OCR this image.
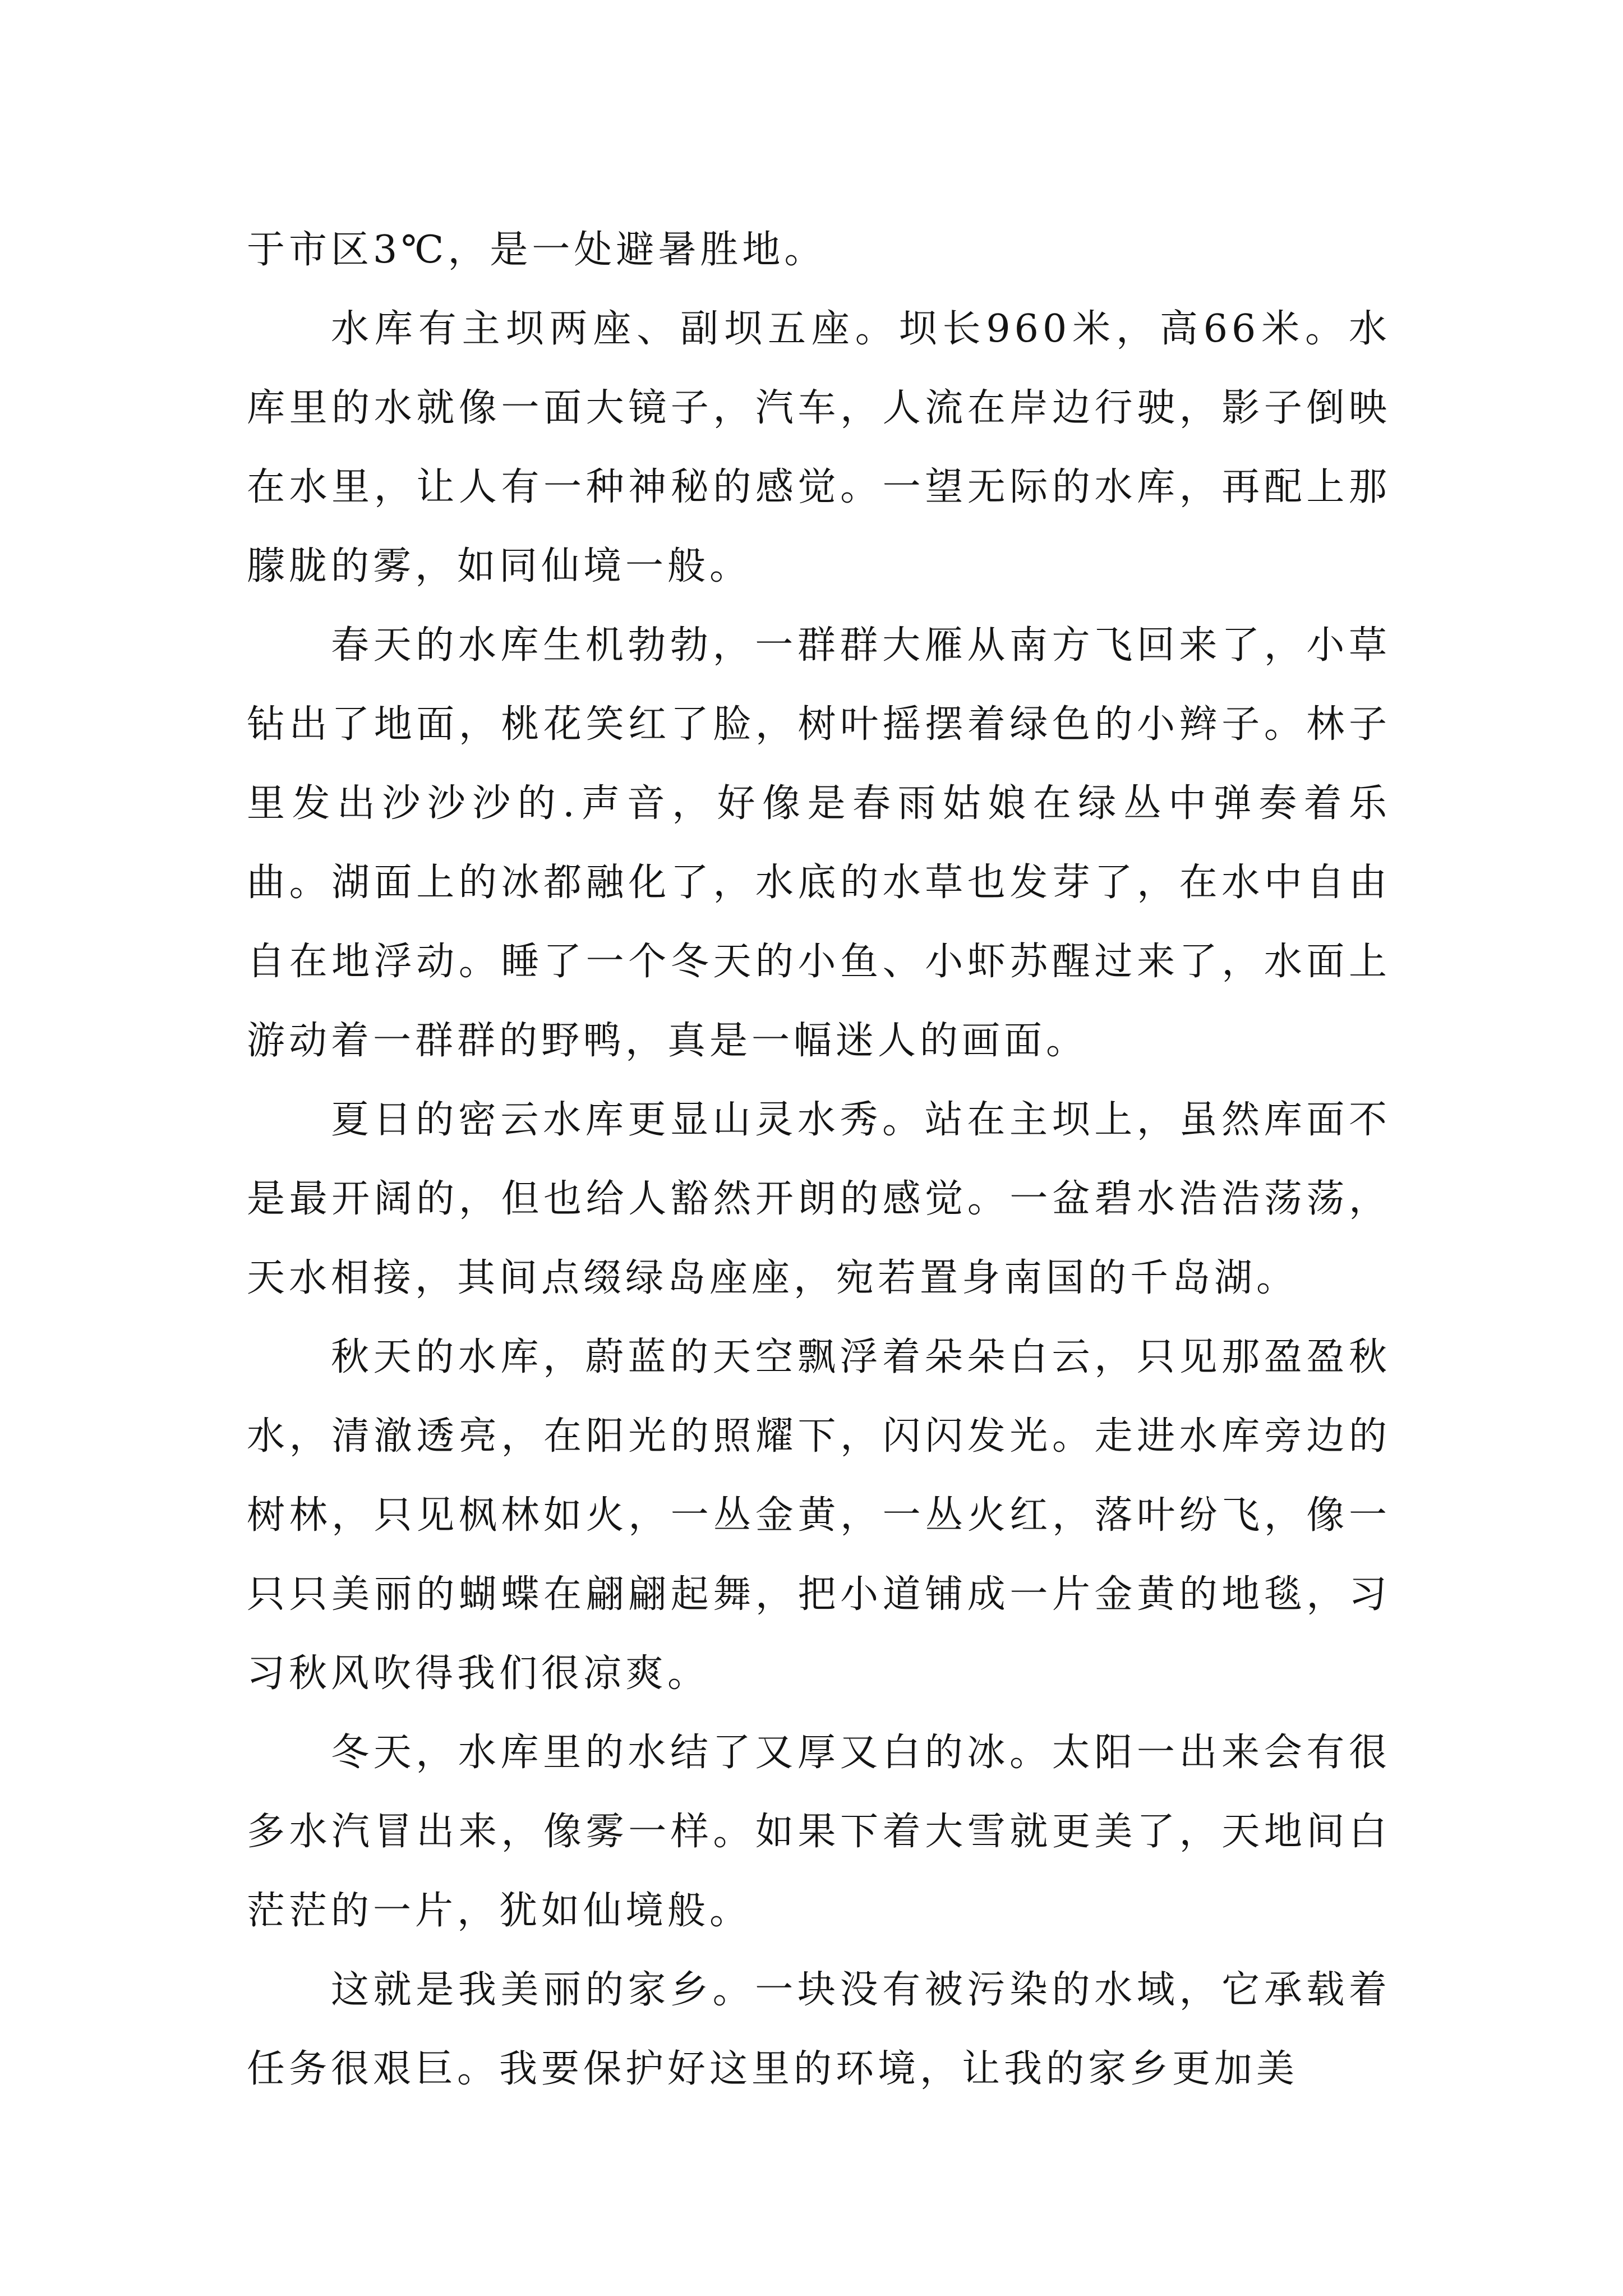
于市区3℃，是一处避暑胜地。

水库有主坝两座、副坝五座。坝长960米，高66米。水库里的水就像一面大镜子，汽车，人流在岸边行驶，影子倒映在水里，让人有一种神秘的感觉。一望无际的水库，再配上那朦胧的雾，如同仙境一般。

春天的水库生机勃勃，一群群大雁从南方飞回来了，小草钻出了地面，桃花笑红了脸，树叶摇摆着绿色的小辫子。林子里发出沙沙沙的.声音，好像是春雨姑娘在绿丛中弹奏着乐曲。湖面上的冰都融化了，水底的水草也发芽了，在水中自由自在地浮动。睡了一个冬天的小鱼、小虾苏醒过来了，水面上游动着一群群的野鸭，真是一幅迷人的画面。

夏日的密云水库更显山灵水秀。站在主坝上，虽然库面不是最开阔的，但也给人豁然开朗的感觉。一盆碧水浩浩荡荡，天水相接，其间点缀绿岛座座，宛若置身南国的千岛湖。

秋天的水库，蔚蓝的天空飘浮着朵朵白云，只见那盈盈秋水，清澈透亮，在阳光的照耀下，闪闪发光。走进水库旁边的树林，只见枫林如火，一丛金黄，一丛火红，落叶纷飞，像一只只美丽的蝴蝶在翩翩起舞，把小道铺成一片金黄的地毯，习习秋风吹得我们很凉爽。

冬天，水库里的水结了又厚又白的冰。太阳一出来会有很多水汽冒出来，像雾一样。如果下着大雪就更美了，天地间白茫茫的一片，犹如仙境般。

这就是我美丽的家乡。一块没有被污染的水域，它承载着任务很艰巨。我要保护好这里的环境，让我的家乡更加美
